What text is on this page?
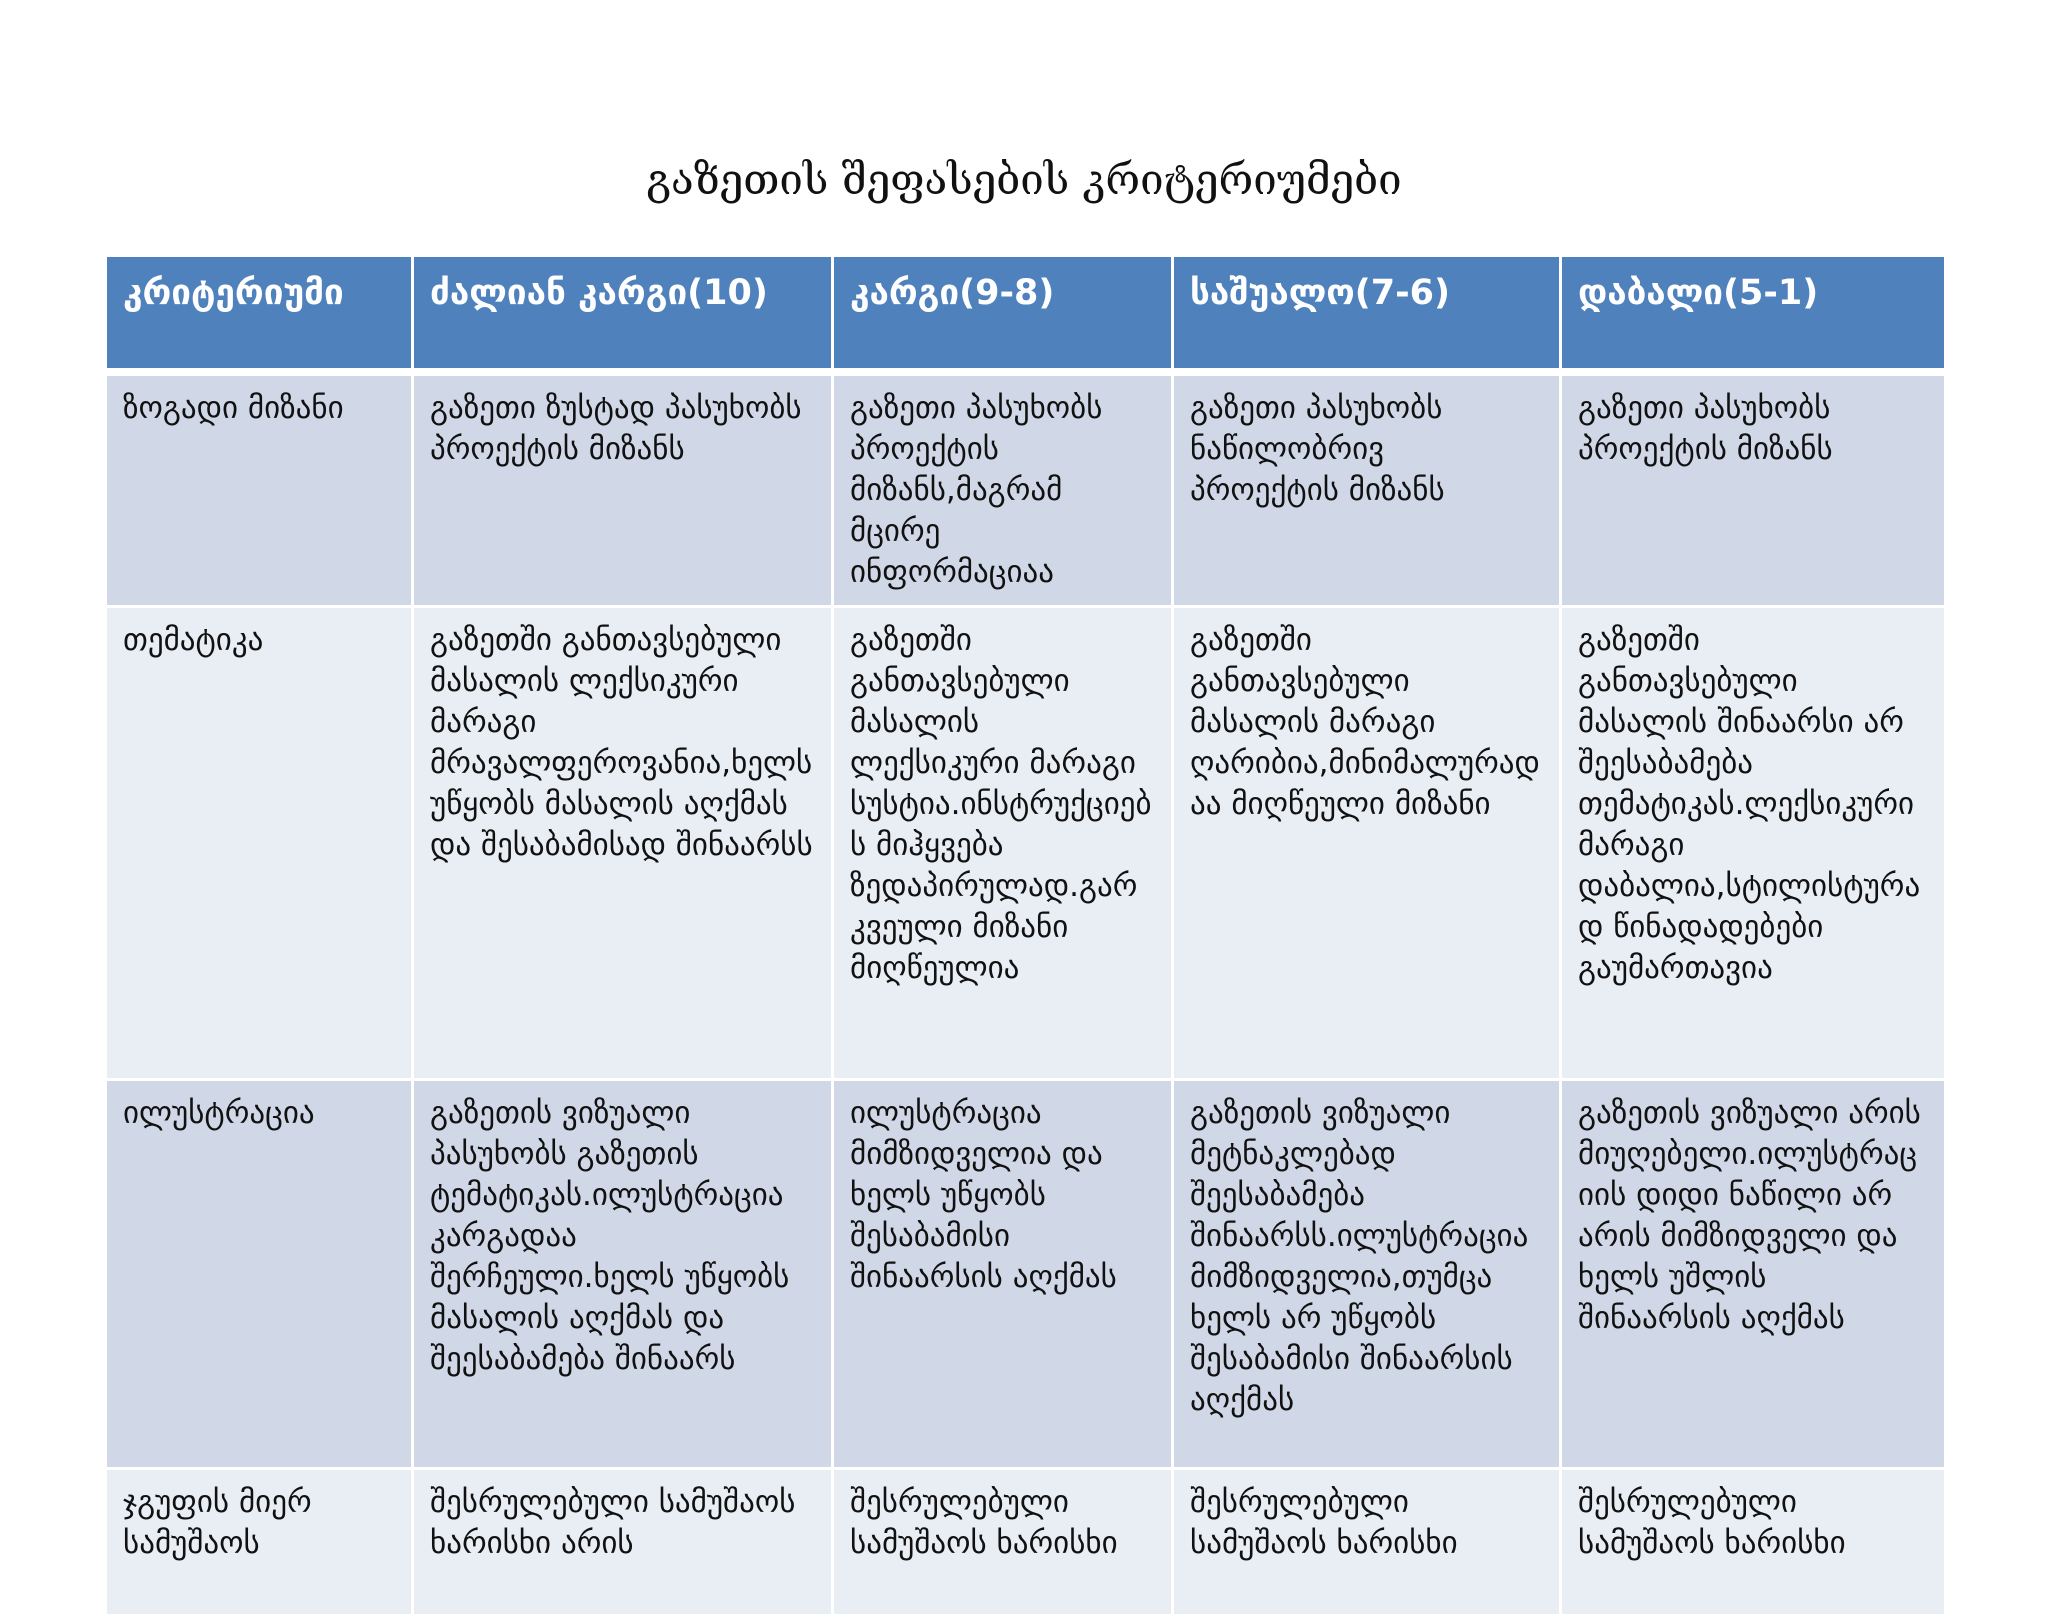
გაზეთის შეფასების კრიტერიუმები
კრიტერიუმი	ძალიან კარგი(10)	კარგი(9-8)	საშუალო(7-6)	დაბალი(5-1)
ზოგადი მიზანი	გაზეთი ზუსტად პასუხობს პროექტის მიზანს	გაზეთი პასუხობს პროექტის მიზანს,მაგრამ მცირე ინფორმაციაა	გაზეთი პასუხობს ნაწილობრივ პროექტის მიზანს	გაზეთი პასუხობს პროექტის მიზანს
თემატიკა	გაზეთში განთავსებული მასალის ლექსიკური მარაგი მრავალფეროვანია,ხელს უწყობს მასალის აღქმას და შესაბამისად შინაარსს	გაზეთში განთავსებული მასალის ლექსიკური მარაგი სუსტია.ინსტრუქციებს მიჰყვება ზედაპირულად.გარკვეული მიზანი მიღწეულია	გაზეთში განთავსებული მასალის მარაგი ღარიბია,მინიმალურადაა მიღწეული მიზანი	გაზეთში განთავსებული მასალის შინაარსი არ შეესაბამება თემატიკას.ლექსიკური მარაგი დაბალია,სტილისტურად წინადადებები გაუმართავია
ილუსტრაცია	გაზეთის ვიზუალი პასუხობს გაზეთის ტემატიკას.ილუსტრაცია კარგადაა შერჩეული.ხელს უწყობს მასალის აღქმას და შეესაბამება შინაარს	ილუსტრაცია მიმზიდველია და ხელს უწყობს შესაბამისი შინაარსის აღქმას	გაზეთის ვიზუალი მეტნაკლებად შეესაბამება შინაარსს.ილუსტრაცია მიმზიდველია,თუმცა ხელს არ უწყობს შესაბამისი შინაარსის აღქმას	გაზეთის ვიზუალი არის მიუღებელი.ილუსტრაციის დიდი ნაწილი არ არის მიმზიდველი და ხელს უშლის შინაარსის აღქმას
ჯგუფის მიერ სამუშაოს	შესრულებული სამუშაოს ხარისხი არის	შესრულებული სამუშაოს ხარისხი	შესრულებული სამუშაოს ხარისხი	შესრულებული სამუშაოს ხარისხი
